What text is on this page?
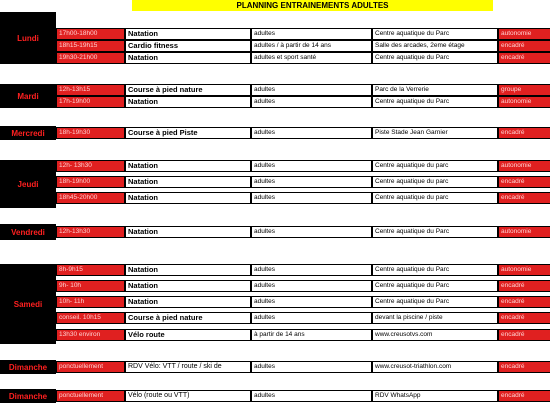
PLANNING ENTRAINEMENTS ADULTES
Lundi	17h00-18h00	Natation	adultes	Centre aquatique du Parc	autonomie
18h15-19h15	Cardio fitness	adultes / à partir de 14 ans	Salle des arcades, 2eme étage	encadré
19h30-21h00	Natation	adultes et sport santé	Centre aquatique du Parc	encadré
Mardi
12h-13h15	Course à pied nature	adultes	Parc de la Verrerie	groupe
17h-19h00	Natation	adultes	Centre aquatique du Parc	autonomie
Mercredi	18h-19h30	Course à pied Piste	adultes	Piste Stade Jean Garnier	encadré
Jeudi
12h- 13h30	Natation	adultes	Centre aquatique du parc	autonomie
18h-19h00	Natation	adultes	Centre aquatique du parc	encadré
18h45-20h00	Natation	adultes	Centre aquatique du parc	encadré
Vendredi	12h-13h30	Natation	adultes	Centre aquatique du Parc	autonomie
Samedi
8h-9h15	Natation	adultes	Centre aquatique du Parc	autonomie
9h- 10h	Natation	adultes	Centre aquatique du Parc	encadré
10h- 11h	Natation	adultes	Centre aquatique du Parc	encadré
conseil. 10h15	Course à pied nature	adultes	devant la piscine / piste	encadré
13h30 environ	Vélo route	à partir de 14 ans	www.creusotvs.com	encadré
Dimanche	ponctuellement	RDV Vélo: VTT / route / ski de	adultes	www.creusot-triathlon.com	encadré
Dimanche	ponctuellement	Vélo (route ou VTT)	adultes	RDV WhatsApp	encadré
